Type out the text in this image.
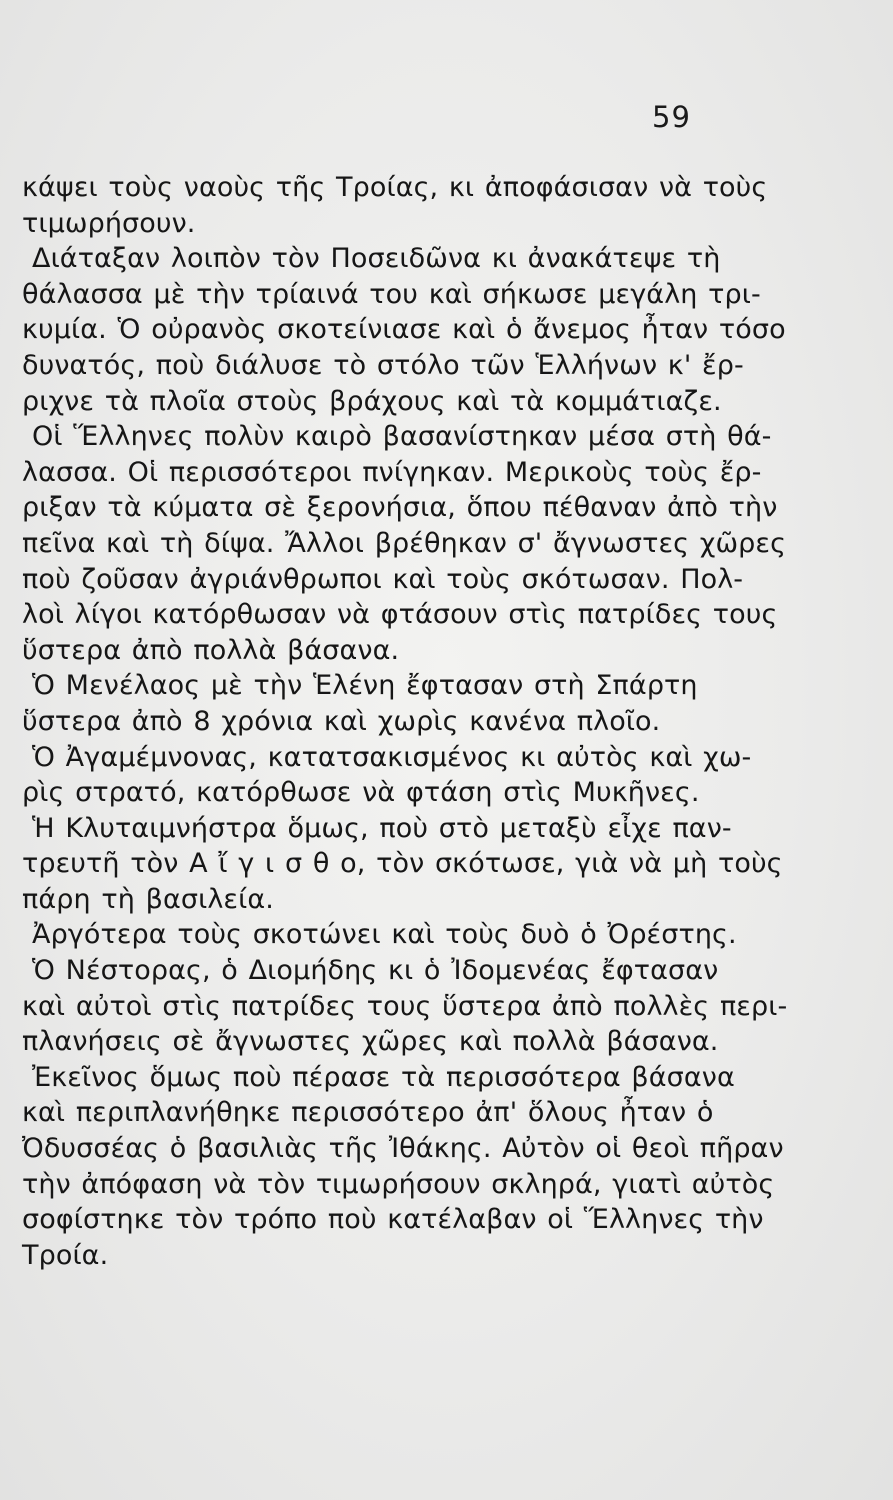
59
κάψει τοὺς ναοὺς τῆς Τροίας, κι ἀποφάσισαν νὰ τοὺς
τιμωρήσουν.
Διάταξαν λοιπὸν τὸν Ποσειδῶνα κι ἀνακάτεψε τὴ
θάλασσα μὲ τὴν τρίαινά του καὶ σήκωσε μεγάλη τρι-
κυμία. Ὁ οὐρανὸς σκοτείνιασε καὶ ὁ ἄνεμος ἦταν τόσο
δυνατός, ποὺ διάλυσε τὸ στόλο τῶν Ἑλλήνων κ' ἔρ-
ριχνε τὰ πλοῖα στοὺς βράχους καὶ τὰ κομμάτιαζε.
Οἱ Ἕλληνες πολὺν καιρὸ βασανίστηκαν μέσα στὴ θά-
λασσα. Οἱ περισσότεροι πνίγηκαν. Μερικοὺς τοὺς ἔρ-
ριξαν τὰ κύματα σὲ ξερονήσια, ὅπου πέθαναν ἀπὸ τὴν
πεῖνα καὶ τὴ δίψα. Ἄλλοι βρέθηκαν σ' ἄγνωστες χῶρες
ποὺ ζοῦσαν ἀγριάνθρωποι καὶ τοὺς σκότωσαν. Πολ-
λοὶ λίγοι κατόρθωσαν νὰ φτάσουν στὶς πατρίδες τους
ὕστερα ἀπὸ πολλὰ βάσανα.
Ὁ Μενέλαος μὲ τὴν Ἑλένη ἔφτασαν στὴ Σπάρτη
ὕστερα ἀπὸ 8 χρόνια καὶ χωρὶς κανένα πλοῖο.
Ὁ Ἀγαμέμνονας, κατατσακισμένος κι αὐτὸς καὶ χω-
ρὶς στρατό, κατόρθωσε νὰ φτάση στὶς Μυκῆνες.
Ἡ Κλυταιμνήστρα ὅμως, ποὺ στὸ μεταξὺ εἶχε παν-
τρευτῆ τὸν Α ἴ γ ι σ θ ο, τὸν σκότωσε, γιὰ νὰ μὴ τοὺς
πάρη τὴ βασιλεία.
Ἀργότερα τοὺς σκοτώνει καὶ τοὺς δυὸ ὁ Ὀρέστης.
Ὁ Νέστορας, ὁ Διομήδης κι ὁ Ἰδομενέας ἔφτασαν
καὶ αὐτοὶ στὶς πατρίδες τους ὕστερα ἀπὸ πολλὲς περι-
πλανήσεις σὲ ἄγνωστες χῶρες καὶ πολλὰ βάσανα.
Ἐκεῖνος ὅμως ποὺ πέρασε τὰ περισσότερα βάσανα
καὶ περιπλανήθηκε περισσότερο ἀπ' ὅλους ἦταν ὁ
Ὀδυσσέας ὁ βασιλιὰς τῆς Ἰθάκης. Αὐτὸν οἱ θεοὶ πῆραν
τὴν ἀπόφαση νὰ τὸν τιμωρήσουν σκληρά, γιατὶ αὐτὸς
σοφίστηκε τὸν τρόπο ποὺ κατέλαβαν οἱ Ἕλληνες τὴν
Τροία.
